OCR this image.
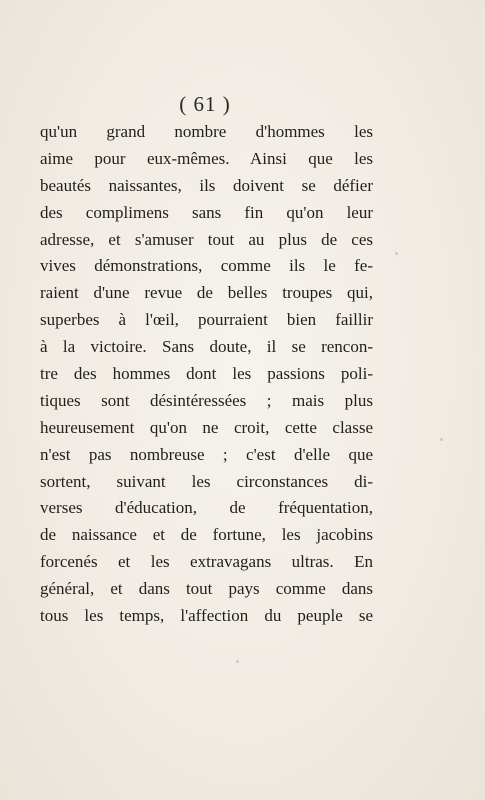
( 61 )
qu'un grand nombre d'hommes les
aime pour eux-mêmes. Ainsi que les
beautés naissantes, ils doivent se défier
des complimens sans fin qu'on leur
adresse, et s'amuser tout au plus de ces
vives démonstrations, comme ils le fe-
raient d'une revue de belles troupes qui,
superbes à l'œil, pourraient bien faillir
à la victoire. Sans doute, il se rencon-
tre des hommes dont les passions poli-
tiques sont désintéressées ; mais plus
heureusement qu'on ne croit, cette classe
n'est pas nombreuse ; c'est d'elle que
sortent, suivant les circonstances di-
verses d'éducation, de fréquentation,
de naissance et de fortune, les jacobins
forcenés et les extravagans ultras. En
général, et dans tout pays comme dans
tous les temps, l'affection du peuple se
